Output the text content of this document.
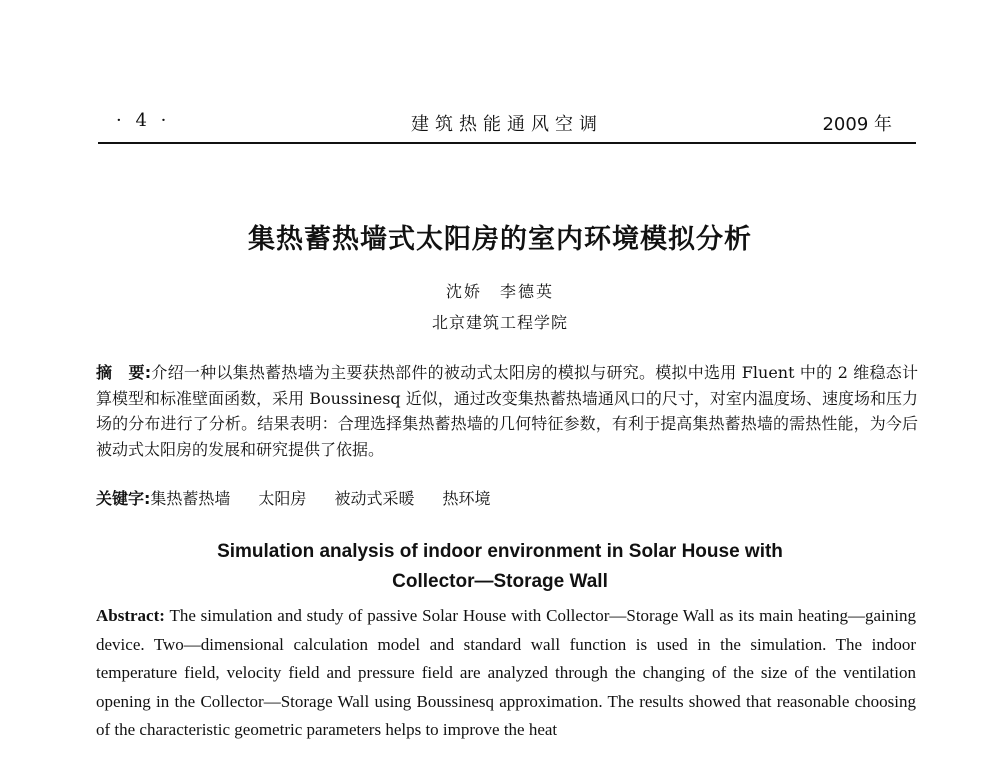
· 4 ·	建筑热能通风空调	2009 年
集热蓄热墙式太阳房的室内环境模拟分析
沈娇　李德英
北京建筑工程学院
摘　要:介绍一种以集热蓄热墙为主要获热部件的被动式太阳房的模拟与研究。模拟中选用 Fluent 中的 2 维稳态计算模型和标准壁面函数，采用 Boussinesq 近似，通过改变集热蓄热墙通风口的尺寸，对室内温度场、速度场和压力场的分布进行了分析。结果表明：合理选择集热蓄热墙的几何特征参数，有利于提高集热蓄热墙的需热性能，为今后被动式太阳房的发展和研究提供了依据。
关键字:集热蓄热墙 太阳房 被动式采暖 热环境
Simulation analysis of indoor environment in Solar House with
Collector—Storage Wall
Abstract: The simulation and study of passive Solar House with Collector—Storage Wall as its main heating—gaining device. Two—dimensional calculation model and standard wall function is used in the simulation. The indoor temperature field, velocity field and pressure field are analyzed through the changing of the size of the ventilation opening in the Collector—Storage Wall using Boussinesq approximation. The results showed that reasonable choosing of the characteristic geometric parameters helps to improve the heat
